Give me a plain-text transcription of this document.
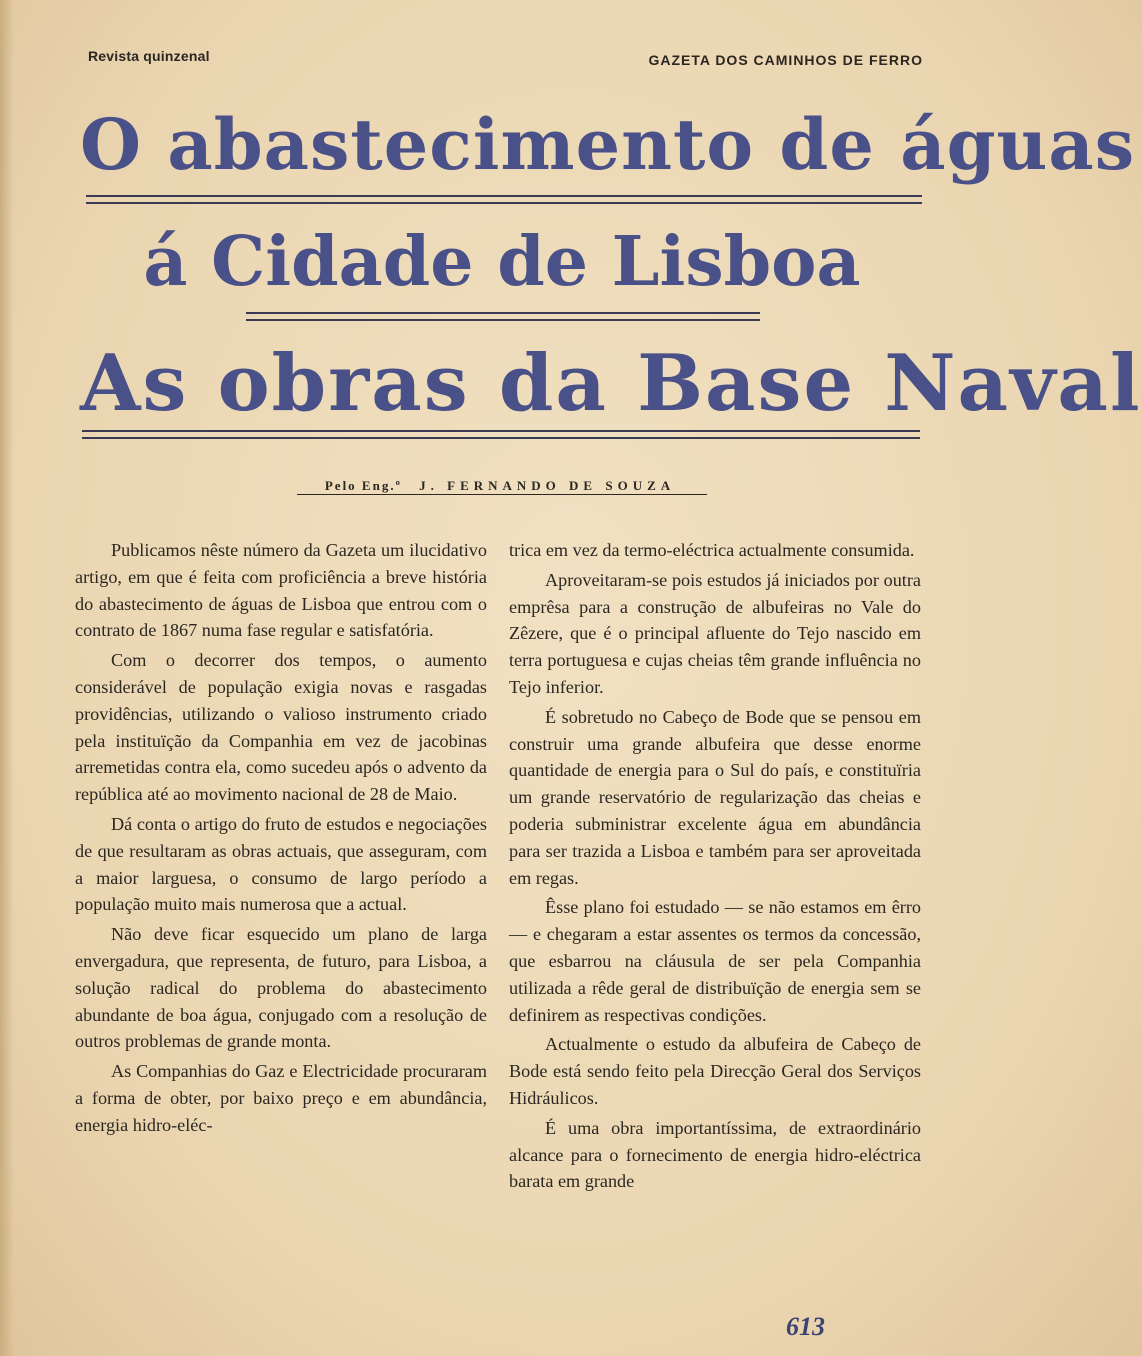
Revista quinzenal	GAZETA DOS CAMINHOS DE FERRO
O abastecimento de águas
á Cidade de Lisboa
As obras da Base Naval
Pelo Eng.º J. FERNANDO DE SOUZA

Publicamos nêste número da Gazeta um ilucidativo artigo, em que é feita com proficiência a breve história do abastecimento de águas de Lisboa que entrou com o contrato de 1867 numa fase regular e satisfatória.

Com o decorrer dos tempos, o aumento considerável de população exigia novas e rasgadas providências, utilizando o valioso instrumento criado pela instituïção da Companhia em vez de jacobinas arremetidas contra ela, como sucedeu após o advento da república até ao movimento nacional de 28 de Maio.

Dá conta o artigo do fruto de estudos e negociações de que resultaram as obras actuais, que asseguram, com a maior larguesa, o consumo de largo período a população muito mais numerosa que a actual.

Não deve ficar esquecido um plano de larga envergadura, que representa, de futuro, para Lisboa, a solução radical do problema do abastecimento abundante de boa água, conjugado com a resolução de outros problemas de grande monta.

As Companhias do Gaz e Electricidade procuraram a forma de obter, por baixo preço e em abundância, energia hidro-eléc-

trica em vez da termo-eléctrica actualmente consumida.

Aproveitaram-se pois estudos já iniciados por outra emprêsa para a construção de albufeiras no Vale do Zêzere, que é o principal afluente do Tejo nascido em terra portuguesa e cujas cheias têm grande influência no Tejo inferior.

É sobretudo no Cabeço de Bode que se pensou em construir uma grande albufeira que desse enorme quantidade de energia para o Sul do país, e constituïria um grande reservatório de regularização das cheias e poderia subministrar excelente água em abundância para ser trazida a Lisboa e também para ser aproveitada em regas.

Êsse plano foi estudado — se não estamos em êrro — e chegaram a estar assentes os termos da concessão, que esbarrou na cláusula de ser pela Companhia utilizada a rêde geral de distribuïção de energia sem se definirem as respectivas condições.

Actualmente o estudo da albufeira de Cabeço de Bode está sendo feito pela Direcção Geral dos Serviços Hidráulicos.

É uma obra importantíssima, de extraordinário alcance para o fornecimento de energia hidro-eléctrica barata em grande

613
